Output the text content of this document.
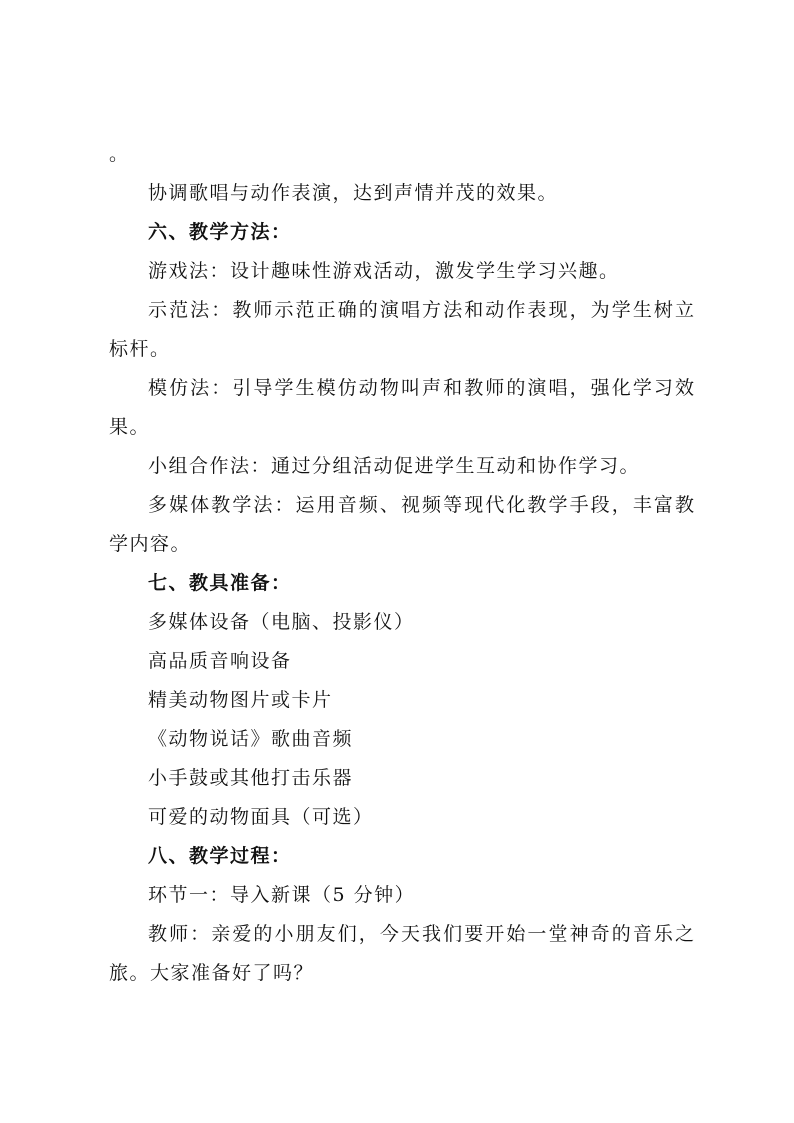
。

协调歌唱与动作表演，达到声情并茂的效果。

六、教学方法：

游戏法：设计趣味性游戏活动，激发学生学习兴趣。

示范法：教师示范正确的演唱方法和动作表现，为学生树立

标杆。

模仿法：引导学生模仿动物叫声和教师的演唱，强化学习效

果。

小组合作法：通过分组活动促进学生互动和协作学习。

多媒体教学法：运用音频、视频等现代化教学手段，丰富教

学内容。

七、教具准备：

多媒体设备（电脑、投影仪）

高品质音响设备

精美动物图片或卡片

《动物说话》歌曲音频

小手鼓或其他打击乐器

可爱的动物面具（可选）

八、教学过程：

环节一：导入新课（5 分钟）

教师：亲爱的小朋友们，今天我们要开始一堂神奇的音乐之

旅。大家准备好了吗？
